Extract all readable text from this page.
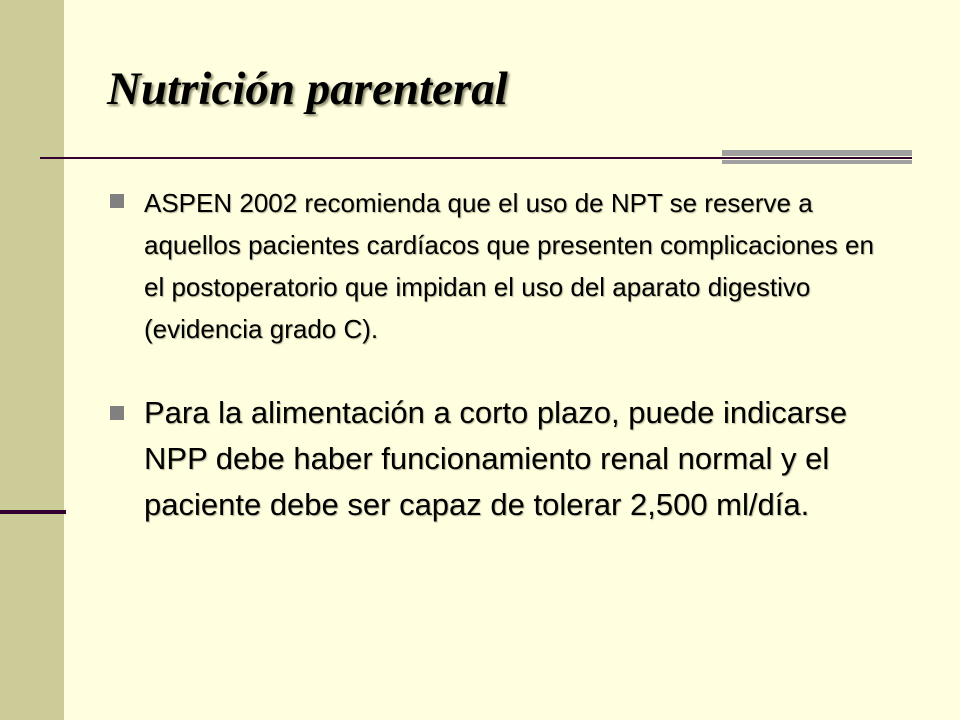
Nutrición parenteral
ASPEN 2002 recomienda que el uso de NPT se reserve a aquellos pacientes cardíacos que presenten complicaciones en el postoperatorio que impidan el uso del aparato digestivo (evidencia grado C).
Para la alimentación a corto plazo, puede indicarse NPP debe haber funcionamiento renal normal y el paciente debe ser capaz de tolerar 2,500 ml/día.
